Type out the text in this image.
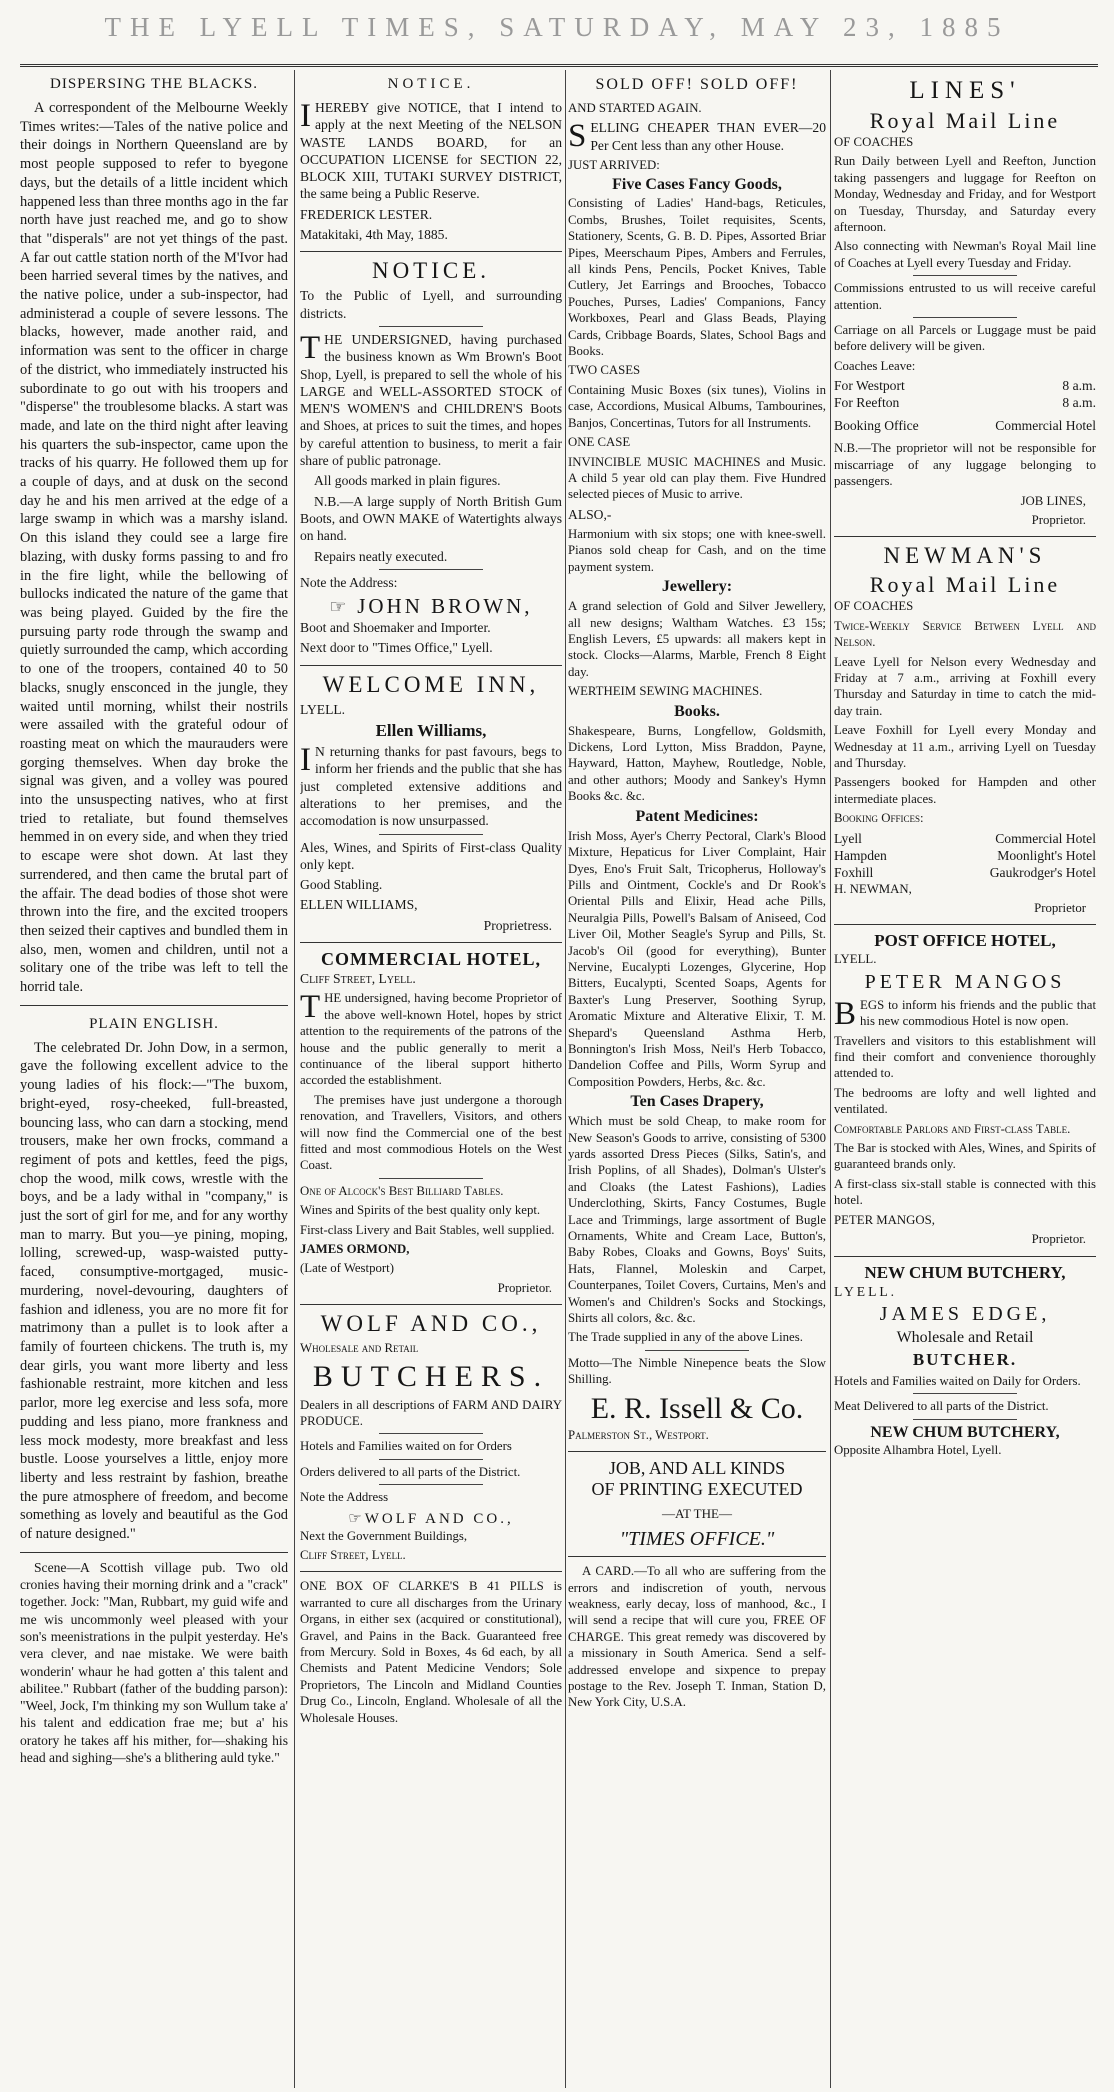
THE LYELL TIMES, SATURDAY, MAY 23, 1885
DISPERSING THE BLACKS.

A correspondent of the Melbourne Weekly Times writes:—Tales of the native police and their doings in Northern Queensland are by most people supposed to refer to byegone days, but the details of a little incident which happened less than three months ago in the far north have just reached me, and go to show that "disperals" are not yet things of the past. A far out cattle station north of the M'Ivor had been harried several times by the natives, and the native police, under a sub-inspector, had administerad a couple of severe lessons. The blacks, however, made another raid, and information was sent to the officer in charge of the district, who immediately instructed his subordinate to go out with his troopers and "disperse" the troublesome blacks. A start was made, and late on the third night after leaving his quarters the sub-inspector, came upon the tracks of his quarry. He followed them up for a couple of days, and at dusk on the second day he and his men arrived at the edge of a large swamp in which was a marshy island. On this island they could see a large fire blazing, with dusky forms passing to and fro in the fire light, while the bellowing of bullocks indicated the nature of the game that was being played. Guided by the fire the pursuing party rode through the swamp and quietly surrounded the camp, which according to one of the troopers, contained 40 to 50 blacks, snugly ensconced in the jungle, they waited until morning, whilst their nostrils were assailed with the grateful odour of roasting meat on which the maurauders were gorging themselves. When day broke the signal was given, and a volley was poured into the unsuspecting natives, who at first tried to retaliate, but found themselves hemmed in on every side, and when they tried to escape were shot down. At last they surrendered, and then came the brutal part of the affair. The dead bodies of those shot were thrown into the fire, and the excited troopers then seized their captives and bundled them in also, men, women and children, until not a solitary one of the tribe was left to tell the horrid tale.

PLAIN ENGLISH.

The celebrated Dr. John Dow, in a sermon, gave the following excellent advice to the young ladies of his flock:—"The buxom, bright-eyed, rosy-cheeked, full-breasted, bouncing lass, who can darn a stocking, mend trousers, make her own frocks, command a regiment of pots and kettles, feed the pigs, chop the wood, milk cows, wrestle with the boys, and be a lady withal in "company," is just the sort of girl for me, and for any worthy man to marry. But you—ye pining, moping, lolling, screwed-up, wasp-waisted putty-faced, consumptive-mortgaged, music-murdering, novel-devouring, daughters of fashion and idleness, you are no more fit for matrimony than a pullet is to look after a family of fourteen chickens. The truth is, my dear girls, you want more liberty and less fashionable restraint, more kitchen and less parlor, more leg exercise and less sofa, more pudding and less piano, more frankness and less mock modesty, more breakfast and less bustle. Loose yourselves a little, enjoy more liberty and less restraint by fashion, breathe the pure atmosphere of freedom, and become something as lovely and beautiful as the God of nature designed."

Scene—A Scottish village pub. Two old cronies having their morning drink and a "crack" together. Jock: "Man, Rubbart, my guid wife and me wis uncommonly weel pleased with your son's meenistrations in the pulpit yesterday. He's vera clever, and nae mistake. We were baith wonderin' whaur he had gotten a' this talent and abilitee." Rubbart (father of the budding parson): "Weel, Jock, I'm thinking my son Wullum take a' his talent and eddication frae me; but a' his oratory he takes aff his mither, for—shaking his head and sighing—she's a blithering auld tyke."

NOTICE.

IHEREBY give NOTICE, that I intend to apply at the next Meeting of the NELSON WASTE LANDS BOARD, for an OCCUPATION LICENSE for SECTION 22, BLOCK XIII, TUTAKI SURVEY DISTRICT, the same being a Public Reserve.

FREDERICK LESTER.

Matakitaki, 4th May, 1885.

NOTICE.

To the Public of Lyell, and surrounding districts.

THE UNDERSIGNED, having purchased the business known as Wm Brown's Boot Shop, Lyell, is prepared to sell the whole of his LARGE and WELL-ASSORTED STOCK of MEN'S WOMEN'S and CHILDREN'S Boots and Shoes, at prices to suit the times, and hopes by careful attention to business, to merit a fair share of public patronage.

All goods marked in plain figures.

N.B.—A large supply of North British Gum Boots, and OWN MAKE of Watertights always on hand.

Repairs neatly executed.

Note the Address:

☞ JOHN BROWN,

Boot and Shoemaker and Importer.

Next door to "Times Office," Lyell.

WELCOME INN,

LYELL.

Ellen Williams,

IN returning thanks for past favours, begs to inform her friends and the public that she has just completed extensive additions and alterations to her premises, and the accomodation is now unsurpassed.

Ales, Wines, and Spirits of First-class Quality only kept.

Good Stabling.

ELLEN WILLIAMS,

Proprietress.

COMMERCIAL HOTEL,

Cliff Street, Lyell.

THE undersigned, having become Proprietor of the above well-known Hotel, hopes by strict attention to the requirements of the patrons of the house and the public generally to merit a continuance of the liberal support hitherto accorded the establishment.

The premises have just undergone a thorough renovation, and Travellers, Visitors, and others will now find the Commercial one of the best fitted and most commodious Hotels on the West Coast.

One of Alcock's Best Billiard Tables.

Wines and Spirits of the best quality only kept.

First-class Livery and Bait Stables, well supplied.

JAMES ORMOND,

(Late of Westport)

Proprietor.

WOLF AND CO.,

Wholesale and Retail

BUTCHERS.

Dealers in all descriptions of FARM AND DAIRY PRODUCE.

Hotels and Families waited on for Orders

Orders delivered to all parts of the District.

Note the Address

☞WOLF AND CO.,

Next the Government Buildings,

Cliff Street, Lyell.

ONE BOX OF CLARKE'S B 41 PILLS is warranted to cure all discharges from the Urinary Organs, in either sex (acquired or constitutional), Gravel, and Pains in the Back. Guaranteed free from Mercury. Sold in Boxes, 4s 6d each, by all Chemists and Patent Medicine Vendors; Sole Proprietors, The Lincoln and Midland Counties Drug Co., Lincoln, England. Wholesale of all the Wholesale Houses.

SOLD OFF! SOLD OFF!

AND STARTED AGAIN.

SELLING CHEAPER THAN EVER—20 Per Cent less than any other House.

JUST ARRIVED:

Five Cases Fancy Goods,

Consisting of Ladies' Hand-bags, Reticules, Combs, Brushes, Toilet requisites, Scents, Stationery, Scents, G. B. D. Pipes, Assorted Briar Pipes, Meerschaum Pipes, Ambers and Ferrules, all kinds Pens, Pencils, Pocket Knives, Table Cutlery, Jet Earrings and Brooches, Tobacco Pouches, Purses, Ladies' Companions, Fancy Workboxes, Pearl and Glass Beads, Playing Cards, Cribbage Boards, Slates, School Bags and Books.

TWO CASES

Containing Music Boxes (six tunes), Violins in case, Accordions, Musical Albums, Tambourines, Banjos, Concertinas, Tutors for all Instruments.

ONE CASE

INVINCIBLE MUSIC MACHINES and Music. A child 5 year old can play them. Five Hundred selected pieces of Music to arrive.

ALSO,-

Harmonium with six stops; one with knee-swell. Pianos sold cheap for Cash, and on the time payment system.

Jewellery:

A grand selection of Gold and Silver Jewellery, all new designs; Waltham Watches. £3 15s; English Levers, £5 upwards: all makers kept in stock. Clocks—Alarms, Marble, French 8 Eight day.

WERTHEIM SEWING MACHINES.

Books.

Shakespeare, Burns, Longfellow, Goldsmith, Dickens, Lord Lytton, Miss Braddon, Payne, Hayward, Hatton, Mayhew, Routledge, Noble, and other authors; Moody and Sankey's Hymn Books &c. &c.

Patent Medicines:

Irish Moss, Ayer's Cherry Pectoral, Clark's Blood Mixture, Hepaticus for Liver Complaint, Hair Dyes, Eno's Fruit Salt, Tricopherus, Holloway's Pills and Ointment, Cockle's and Dr Rook's Oriental Pills and Elixir, Head ache Pills, Neuralgia Pills, Powell's Balsam of Aniseed, Cod Liver Oil, Mother Seagle's Syrup and Pills, St. Jacob's Oil (good for everything), Bunter Nervine, Eucalypti Lozenges, Glycerine, Hop Bitters, Eucalypti, Scented Soaps, Agents for Baxter's Lung Preserver, Soothing Syrup, Aromatic Mixture and Alterative Elixir, T. M. Shepard's Queensland Asthma Herb, Bonnington's Irish Moss, Neil's Herb Tobacco, Dandelion Coffee and Pills, Worm Syrup and Composition Powders, Herbs, &c. &c.

Ten Cases Drapery,

Which must be sold Cheap, to make room for New Season's Goods to arrive, consisting of 5300 yards assorted Dress Pieces (Silks, Satin's, and Irish Poplins, of all Shades), Dolman's Ulster's and Cloaks (the Latest Fashions), Ladies Underclothing, Skirts, Fancy Costumes, Bugle Lace and Trimmings, large assortment of Bugle Ornaments, White and Cream Lace, Button's, Baby Robes, Cloaks and Gowns, Boys' Suits, Hats, Flannel, Moleskin and Carpet, Counterpanes, Toilet Covers, Curtains, Men's and Women's and Children's Socks and Stockings, Shirts all colors, &c. &c.

The Trade supplied in any of the above Lines.

Motto—The Nimble Ninepence beats the Slow Shilling.

E. R. Issell & Co.

Palmerston St., Westport.

JOB, AND ALL KINDS
OF PRINTING EXECUTED
—AT THE—
"TIMES OFFICE."

A CARD.—To all who are suffering from the errors and indiscretion of youth, nervous weakness, early decay, loss of manhood, &c., I will send a recipe that will cure you, FREE OF CHARGE. This great remedy was discovered by a missionary in South America. Send a self-addressed envelope and sixpence to prepay postage to the Rev. Joseph T. Inman, Station D, New York City, U.S.A.

LINES'
Royal Mail Line

OF COACHES

Run Daily between Lyell and Reefton, Junction taking passengers and luggage for Reefton on Monday, Wednesday and Friday, and for Westport on Tuesday, Thursday, and Saturday every afternoon.

Also connecting with Newman's Royal Mail line of Coaches at Lyell every Tuesday and Friday.

Commissions entrusted to us will receive careful attention.

Carriage on all Parcels or Luggage must be paid before delivery will be given.

Coaches Leave:

For Westport	8 a.m.
For Reefton	8 a.m.
Booking Office	Commercial Hotel

N.B.—The proprietor will not be responsible for miscarriage of any luggage belonging to passengers.

JOB LINES,

Proprietor.

NEWMAN'S
Royal Mail Line

OF COACHES

Twice-Weekly Service Between Lyell and Nelson.

Leave Lyell for Nelson every Wednesday and Friday at 7 a.m., arriving at Foxhill every Thursday and Saturday in time to catch the mid-day train.

Leave Foxhill for Lyell every Monday and Wednesday at 11 a.m., arriving Lyell on Tuesday and Thursday.

Passengers booked for Hampden and other intermediate places.

Booking Offices:

Lyell	Commercial Hotel
Hampden	Moonlight's Hotel
Foxhill	Gaukrodger's Hotel

H. NEWMAN,

Proprietor

POST OFFICE HOTEL,

LYELL.

PETER MANGOS

BEGS to inform his friends and the public that his new commodious Hotel is now open.

Travellers and visitors to this establishment will find their comfort and convenience thoroughly attended to.

The bedrooms are lofty and well lighted and ventilated.

Comfortable Parlors and First-class Table.

The Bar is stocked with Ales, Wines, and Spirits of guaranteed brands only.

A first-class six-stall stable is connected with this hotel.

PETER MANGOS,

Proprietor.

NEW CHUM BUTCHERY,

LYELL.

JAMES EDGE,
Wholesale and Retail
BUTCHER.

Hotels and Families waited on Daily for Orders.

Meat Delivered to all parts of the District.

NEW CHUM BUTCHERY,

Opposite Alhambra Hotel, Lyell.
